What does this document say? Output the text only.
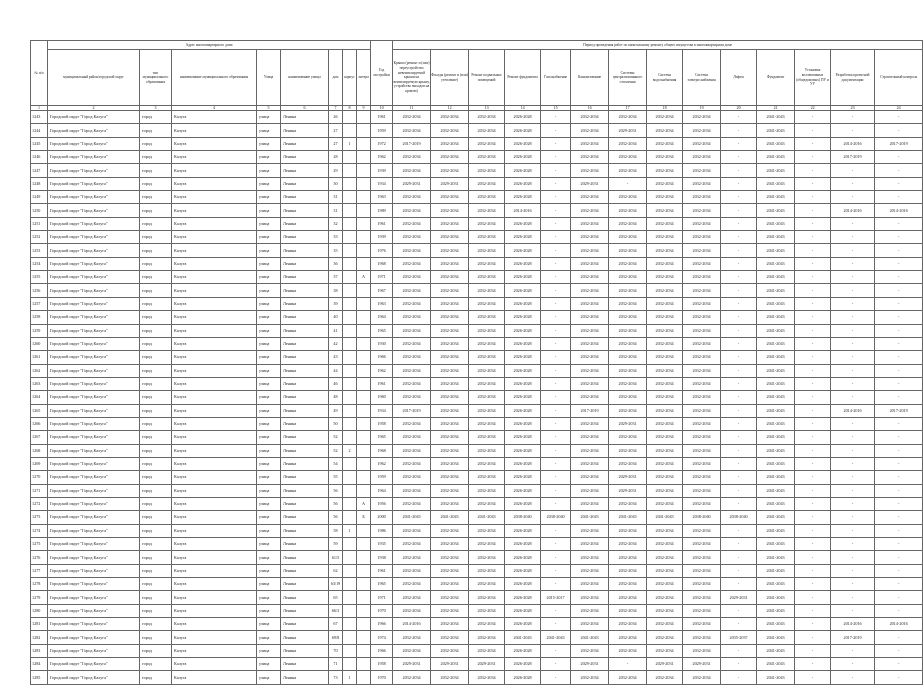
№ п/п	Адрес многоквартирного дома								Год постройки	Период проведения работ по капитальному ремонту общего имущества в многоквартирном доме													
	муниципальный район/городской округ	тип муниципального образования	наименование муниципального образования	Улица	наименование улицы	дом	корпус	литера		Крыша (ремонт и (или) переустройство невентилируемой крыши на вентилируемую крышу, устройство выходов на кровлю)	Фасады (ремонт и (или) утепление)	Ремонт подвальных помещений	Ремонт фундамента	Газоснабжение	Канализование	Системы централизованного отопления	Система водоснабжения	Система электроснабжения	Лифты	Фундамент	Установка коллективных (общедомовых) ПУ и УУ	Разработка проектной документации	Строительный контроль
1	2	3	4	5	6	7	8	9	10	11	12	13	14	15	16	17	18	19	20	21	22	23	24
1243	Городской округ "Город Калуга"	город	Калуга	улица	Ленина	26			1961	2032-2034	2032-2034	2032-2034	2026-2028	-	2032-2034	2032-2034	2032-2034	2032-2034	-	2041-2043	-	-	-
1244	Городской округ "Город Калуга"	город	Калуга	улица	Ленина	27			1959	2032-2034	2032-2034	2032-2034	2026-2028	-	2032-2034	2029-2031	2032-2034	2032-2034	-	2041-2043	-	-	-
1245	Городской округ "Город Калуга"	город	Калуга	улица	Ленина	27	1		1972	2017-2019	2032-2034	2032-2034	2026-2028	-	2032-2034	2032-2034	2032-2034	2032-2034	-	2041-2043	-	2014-2016	2017-2019
1246	Городской округ "Город Калуга"	город	Калуга	улица	Ленина	28			1962	2032-2034	2032-2034	2032-2034	2026-2028	-	2032-2034	2032-2034	2032-2034	2032-2034	-	2041-2043	-	2017-2019	-
1247	Городской округ "Город Калуга"	город	Калуга	улица	Ленина	29			1939	2032-2034	2032-2034	2032-2034	2026-2028	-	2032-2034	2032-2034	2032-2034	2032-2034	-	2041-2043	-	-	-
1248	Городской округ "Город Калуга"	город	Калуга	улица	Ленина	30			1934	2029-2031	2029-2031	2032-2034	2026-2028	-	2029-2031	-	2032-2034	2032-2034	-	2041-2043	-	-	-
1249	Городской округ "Город Калуга"	город	Калуга	улица	Ленина	31			1963	2032-2034	2032-2034	2032-2034	2026-2028	-	2032-2034	2032-2034	2032-2034	2032-2034	-	2041-2043	-	-	-
1250	Городской округ "Город Калуга"	город	Калуга	улица	Ленина	31			1989	2032-2034	2032-2034	2032-2034	2014-2016	-	2032-2034	2032-2034	2032-2034	2032-2034	-	2041-2043	-	2014-2016	2014-2016
1251	Городской округ "Город Калуга"	город	Калуга	улица	Ленина	32			1961	2032-2034	2032-2034	2032-2034	2026-2028	-	2032-2034	2032-2034	2032-2034	2032-2034	-	2041-2043	-	-	-
1252	Городской округ "Город Калуга"	город	Калуга	улица	Ленина	33			1939	2032-2034	2032-2034	2032-2034	2026-2028	-	2032-2034	2032-2034	2032-2034	2032-2034	-	2041-2043	-	-	-
1253	Городской округ "Город Калуга"	город	Калуга	улица	Ленина	35			1976	2032-2034	2032-2034	2032-2034	2026-2028	-	2032-2034	2032-2034	2032-2034	2032-2034	-	2041-2043	-	-	-
1254	Городской округ "Город Калуга"	город	Калуга	улица	Ленина	36			1968	2032-2034	2032-2034	2032-2034	2026-2028	-	2032-2034	2032-2034	2032-2034	2032-2034	-	2041-2043	-	-	-
1255	Городской округ "Город Калуга"	город	Калуга	улица	Ленина	37		А	1971	2032-2034	2032-2034	2032-2034	2026-2028	-	2032-2034	2032-2034	2032-2034	2032-2034	-	2041-2043	-	-	-
1256	Городской округ "Город Калуга"	город	Калуга	улица	Ленина	38			1967	2032-2034	2032-2034	2032-2034	2026-2028	-	2032-2034	2032-2034	2032-2034	2032-2034	-	2041-2043	-	-	-
1257	Городской округ "Город Калуга"	город	Калуга	улица	Ленина	39			1963	2032-2034	2032-2034	2032-2034	2026-2028	-	2032-2034	2032-2034	2032-2034	2032-2034	-	2041-2043	-	-	-
1258	Городской округ "Город Калуга"	город	Калуга	улица	Ленина	40			1964	2032-2034	2032-2034	2032-2034	2026-2028	-	2032-2034	2032-2034	2032-2034	2032-2034	-	2041-2043	-	-	-
1259	Городской округ "Город Калуга"	город	Калуга	улица	Ленина	41			1965	2032-2034	2032-2034	2032-2034	2026-2028	-	2032-2034	2032-2034	2032-2034	2032-2034	-	2041-2043	-	-	-
1260	Городской округ "Город Калуга"	город	Калуга	улица	Ленина	42			1930	2032-2034	2032-2034	2032-2034	2026-2028	-	2032-2034	2032-2034	2032-2034	2032-2034	-	2041-2043	-	-	-
1261	Городской округ "Город Калуга"	город	Калуга	улица	Ленина	43			1966	2032-2034	2032-2034	2032-2034	2026-2028	-	2032-2034	2032-2034	2032-2034	2032-2034	-	2041-2043	-	-	-
1262	Городской округ "Город Калуга"	город	Калуга	улица	Ленина	44			1962	2032-2034	2032-2034	2032-2034	2026-2028	-	2032-2034	2032-2034	2032-2034	2032-2034	-	2041-2043	-	-	-
1263	Городской округ "Город Калуга"	город	Калуга	улица	Ленина	46			1961	2032-2034	2032-2034	2032-2034	2026-2028	-	2032-2034	2032-2034	2032-2034	2032-2034	-	2041-2043	-	-	-
1264	Городской округ "Город Калуга"	город	Калуга	улица	Ленина	48			1960	2032-2034	2032-2034	2032-2034	2026-2028	-	2032-2034	2032-2034	2032-2034	2032-2034	-	2041-2043	-	-	-
1265	Городской округ "Город Калуга"	город	Калуга	улица	Ленина	49			1934	2017-2019	2032-2034	2032-2034	2026-2028	-	2017-2019	2032-2034	2032-2034	2032-2034	-	2041-2043	-	2014-2016	2017-2019
1266	Городской округ "Город Калуга"	город	Калуга	улица	Ленина	50			1958	2032-2034	2032-2034	2032-2034	2026-2028	-	2032-2034	2029-2031	2032-2034	2032-2034	-	2041-2043	-	-	-
1267	Городской округ "Город Калуга"	город	Калуга	улица	Ленина	52			1965	2032-2034	2032-2034	2032-2034	2026-2028	-	2032-2034	2032-2034	2032-2034	2032-2034	-	2041-2043	-	-	-
1268	Городской округ "Город Калуга"	город	Калуга	улица	Ленина	52	2		1968	2032-2034	2032-2034	2032-2034	2026-2028	-	2032-2034	2032-2034	2032-2034	2032-2034	-	2041-2043	-	-	-
1269	Городской округ "Город Калуга"	город	Калуга	улица	Ленина	54			1962	2032-2034	2032-2034	2032-2034	2026-2028	-	2032-2034	2032-2034	2032-2034	2032-2034	-	2041-2043	-	-	-
1270	Городской округ "Город Калуга"	город	Калуга	улица	Ленина	55			1959	2032-2034	2032-2034	2032-2034	2026-2028	-	2032-2034	2029-2031	2032-2034	2032-2034	-	2041-2043	-	-	-
1271	Городской округ "Город Калуга"	город	Калуга	улица	Ленина	56			1964	2032-2034	2032-2034	2032-2034	2026-2028	-	2032-2034	2029-2031	2032-2034	2032-2034	-	2041-2043	-	-	-
1272	Городской округ "Город Калуга"	город	Калуга	улица	Ленина	56		А	1956	2032-2034	2032-2034	2032-2034	2026-2028	-	2032-2034	2032-2034	2032-2034	2032-2034	-	2041-2043	-	-	-
1273	Городской округ "Город Калуга"	город	Калуга	улица	Ленина	56		Б	2000	2041-2043	2041-2043	2041-2043	2038-2040	2038-2040	2041-2043	2041-2043	2041-2043	2038-2040	2038-2040	2041-2043	-	-	-
1274	Городской округ "Город Калуга"	город	Калуга	улица	Ленина	58	1		1986	2032-2034	2032-2034	2032-2034	2026-2028	-	2032-2034	2032-2034	2032-2034	2032-2034	-	2041-2043	-	-	-
1275	Городской округ "Город Калуга"	город	Калуга	улица	Ленина	59			1935	2032-2034	2032-2034	2032-2034	2026-2028	-	2032-2034	2032-2034	2032-2034	2032-2034	-	2041-2043	-	-	-
1276	Городской округ "Город Калуга"	город	Калуга	улица	Ленина	61/5			1938	2032-2034	2032-2034	2032-2034	2026-2028	-	2032-2034	2032-2034	2032-2034	2032-2034	-	2041-2043	-	-	-
1277	Городской округ "Город Калуга"	город	Калуга	улица	Ленина	62			1961	2032-2034	2032-2034	2032-2034	2026-2028	-	2032-2034	2032-2034	2032-2034	2032-2034	-	2041-2043	-	-	-
1278	Городской округ "Город Калуга"	город	Калуга	улица	Ленина	63/19			1965	2032-2034	2032-2034	2032-2034	2026-2028	-	2032-2034	2032-2034	2032-2034	2032-2034	-	2041-2043	-	-	-
1279	Городской округ "Город Калуга"	город	Калуга	улица	Ленина	65			1971	2032-2034	2032-2034	2032-2034	2026-2028	2015-2017	2032-2034	2032-2034	2032-2034	2032-2034	2029-2031	2041-2043	-	-	-
1280	Городской округ "Город Калуга"	город	Калуга	улица	Ленина	66/3			1970	2032-2034	2032-2034	2032-2034	2026-2028	-	2032-2034	2032-2034	2032-2034	2032-2034	-	2041-2043	-	-	-
1281	Городской округ "Город Калуга"	город	Калуга	улица	Ленина	67			1966	2014-2016	2032-2034	2032-2034	2026-2028	-	2032-2034	2032-2034	2032-2034	2032-2034	-	2041-2043	-	2014-2016	2014-2016
1282	Городской округ "Город Калуга"	город	Калуга	улица	Ленина	69/8			1974	2032-2034	2032-2034	2032-2034	2041-2043	2041-2043	2041-2043	2032-2034	2032-2034	2032-2034	2035-2037	2041-2043	-	2017-2019	-
1283	Городской округ "Город Калуга"	город	Калуга	улица	Ленина	70			1966	2032-2034	2032-2034	2032-2034	2026-2028	-	2032-2034	2032-2034	2032-2034	2032-2034	-	2041-2043	-	-	-
1284	Городской округ "Город Калуга"	город	Калуга	улица	Ленина	71			1958	2029-2031	2029-2031	2029-2031	2026-2028	-	2029-2031	-	2029-2031	2029-2031	-	2041-2043	-	-	-
1285	Городской округ "Город Калуга"	город	Калуга	улица	Ленина	73	1		1970	2032-2034	2032-2034	2032-2034	2026-2028	-	2032-2034	2032-2034	2032-2034	2032-2034	-	2041-2043	-	-	-
